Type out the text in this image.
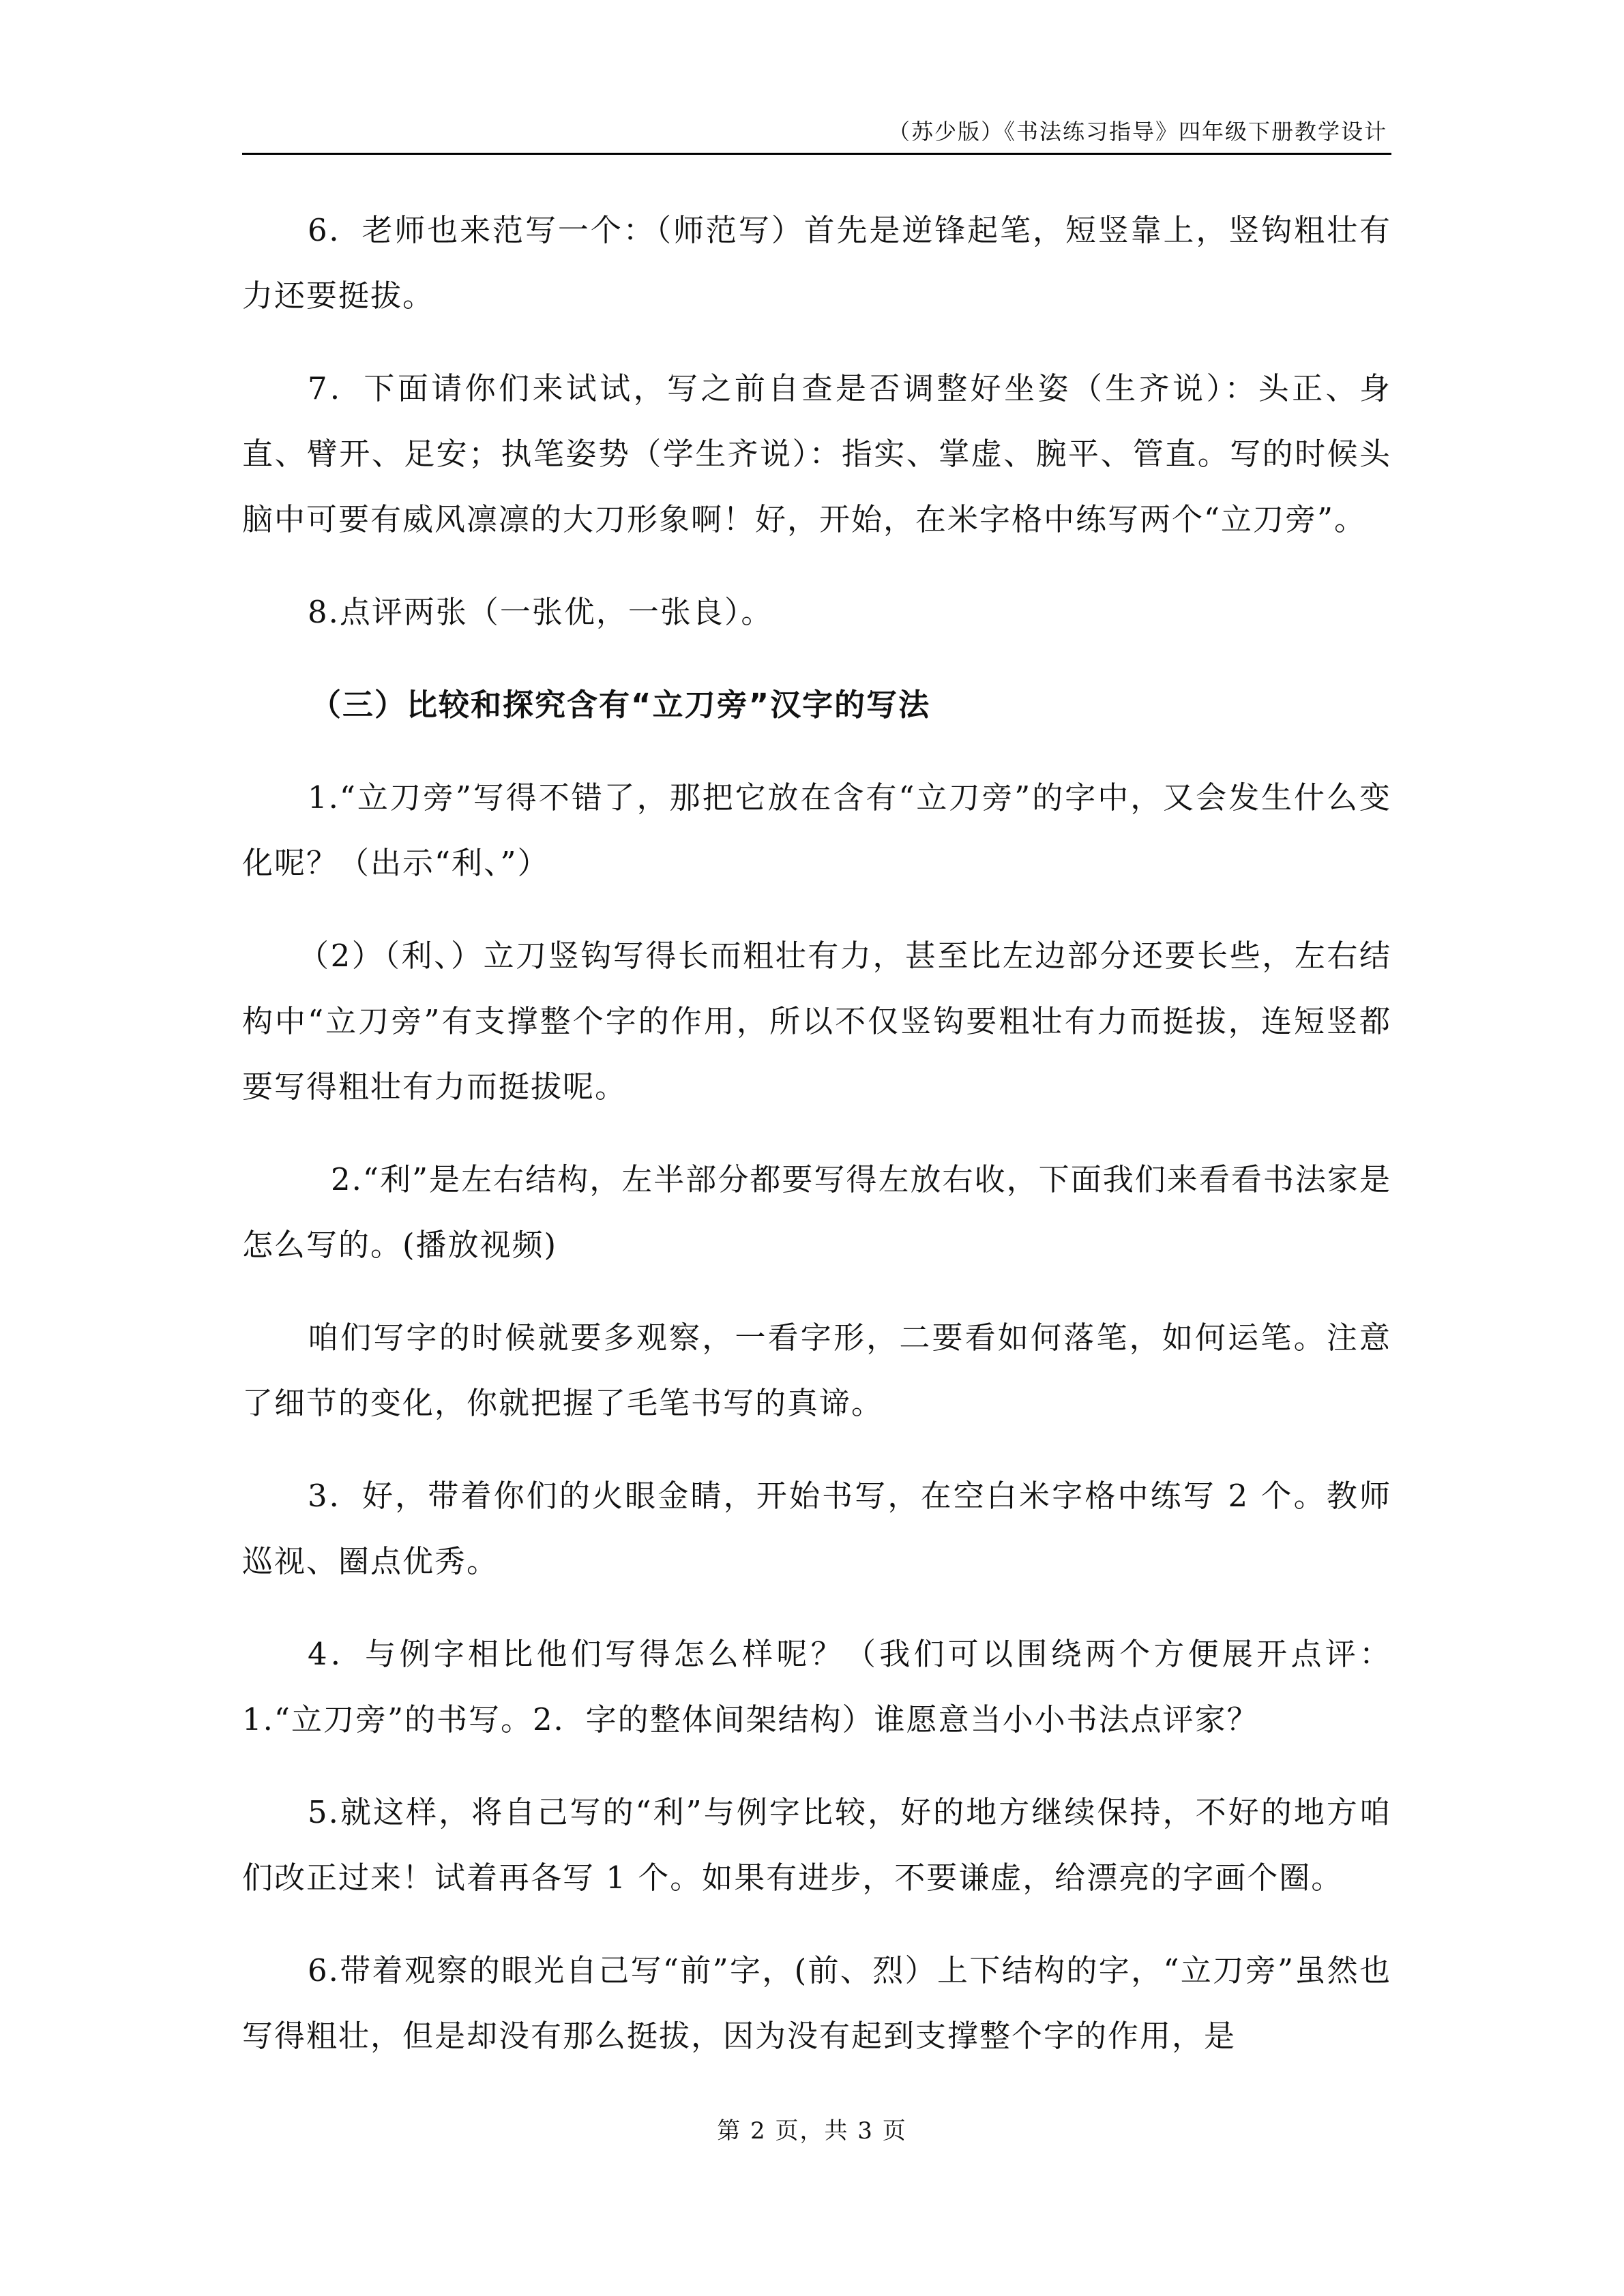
（苏少版）《书法练习指导》四年级下册教学设计

6．老师也来范写一个：（师范写）首先是逆锋起笔，短竖靠上，竖钩粗壮有力还要挺拔。

7．下面请你们来试试，写之前自查是否调整好坐姿（生齐说）：头正、身直、臂开、足安；执笔姿势（学生齐说）：指实、掌虚、腕平、管直。写的时候头脑中可要有威风凛凛的大刀形象啊！好，开始，在米字格中练写两个“立刀旁”。

8.点评两张（一张优，一张良）。

（三）比较和探究含有“立刀旁”汉字的写法

1.“立刀旁”写得不错了，那把它放在含有“立刀旁”的字中，又会发生什么变化呢？（出示“利、”）

（2）（利、）立刀竖钩写得长而粗壮有力，甚至比左边部分还要长些，左右结构中“立刀旁”有支撑整个字的作用，所以不仅竖钩要粗壮有力而挺拔，连短竖都要写得粗壮有力而挺拔呢。

2.“利”是左右结构，左半部分都要写得左放右收，下面我们来看看书法家是怎么写的。(播放视频)

咱们写字的时候就要多观察，一看字形，二要看如何落笔，如何运笔。注意了细节的变化，你就把握了毛笔书写的真谛。

3．好，带着你们的火眼金睛，开始书写，在空白米字格中练写 2 个。教师巡视、圈点优秀。

4．与例字相比他们写得怎么样呢？（我们可以围绕两个方便展开点评：1.“立刀旁”的书写。2．字的整体间架结构）谁愿意当小小书法点评家？

5.就这样，将自己写的“利”与例字比较，好的地方继续保持，不好的地方咱们改正过来！试着再各写 1 个。如果有进步，不要谦虚，给漂亮的字画个圈。

6.带着观察的眼光自己写“前”字，(前、烈）上下结构的字，“立刀旁”虽然也写得粗壮，但是却没有那么挺拔，因为没有起到支撑整个字的作用，是

第 2 页，共 3 页
